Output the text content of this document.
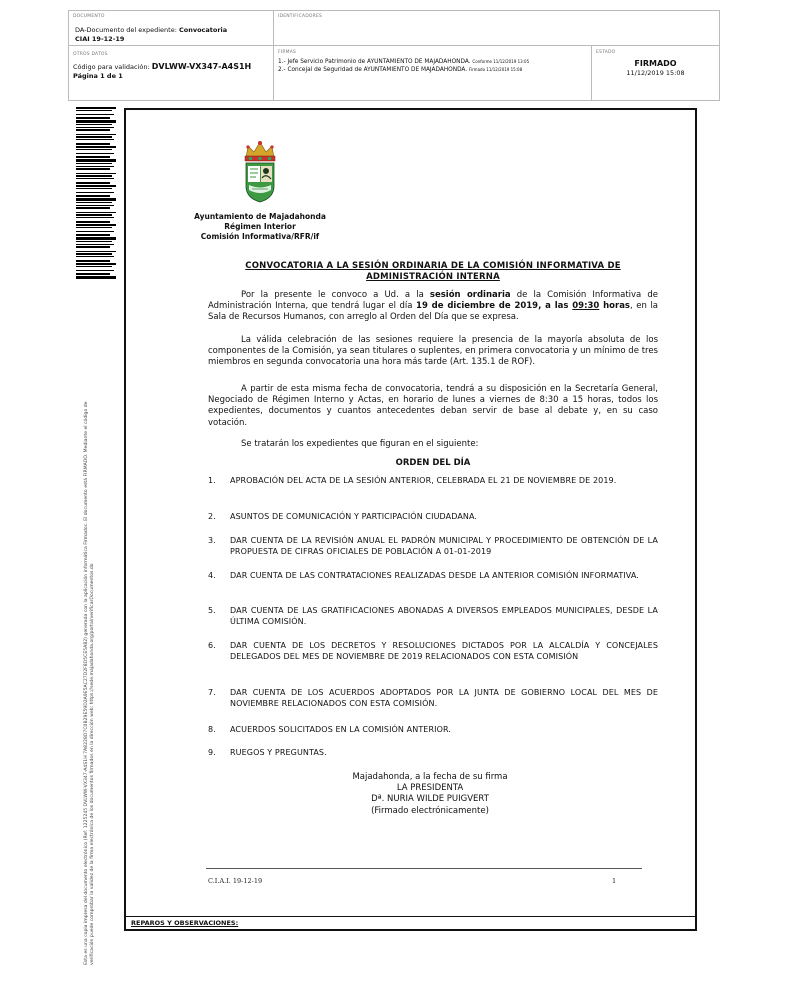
DOCUMENTO
DA-Documento del expediente: Convocatoria
CIAI 19-12-19
IDENTIFICADORES
OTROS DATOS
Código para validación: DVLWW-VX347-A4S1H
Página 1 de 1
FIRMAS
1.- Jefe Servicio Patrimonio de AYUNTAMIENTO DE MAJADAHONDA. Conforme 11/12/2019 13:05
2.- Concejal de Seguridad de AYUNTAMIENTO DE MAJADAHONDA. Firmado 11/12/2019 15:08
ESTADO
FIRMADO
11/12/2019 15:08
Esta es una copia impresa del documento electrónico (Ref: 1225245 DVLWW-VX347-A4S1H 7A8228D7C0B29E59D2A9E5AC27D2F8D5CE5A82) generada con la aplicación informática Firmadoc. El documento está FIRMADO. Mediante el código de verificación puede comprobar la validez de la firma electrónica de los documentos firmados en la dirección web: https://sede.majadahonda.org/portal/verificarDocumentos.do
Ayuntamiento de Majadahonda
Régimen Interior
Comisión Informativa/RFR/if
CONVOCATORIA A LA SESIÓN ORDINARIA DE LA COMISIÓN INFORMATIVA DE
ADMINISTRACIÓN INTERNA
Por la presente le convoco a Ud. a la sesión ordinaria de la Comisión Informativa de Administración Interna, que tendrá lugar el día 19 de diciembre de 2019, a las 09:30 horas, en la Sala de Recursos Humanos, con arreglo al Orden del Día que se expresa.
La válida celebración de las sesiones requiere la presencia de la mayoría absoluta de los componentes de la Comisión, ya sean titulares o suplentes, en primera convocatoria y un mínimo de tres miembros en segunda convocatoria una hora más tarde (Art. 135.1 de ROF).
A partir de esta misma fecha de convocatoria, tendrá a su disposición en la Secretaría General, Negociado de Régimen Interno y Actas, en horario de lunes a viernes de 8:30 a 15 horas, todos los expedientes, documentos y cuantos antecedentes deban servir de base al debate y, en su caso votación.
Se tratarán los expedientes que figuran en el siguiente:
ORDEN DEL DÍA
1. APROBACIÓN DEL ACTA DE LA SESIÓN ANTERIOR, CELEBRADA EL 21 DE NOVIEMBRE DE 2019.
2. ASUNTOS DE COMUNICACIÓN Y PARTICIPACIÓN CIUDADANA.
3. DAR CUENTA DE LA REVISIÓN ANUAL EL PADRÓN MUNICIPAL Y PROCEDIMIENTO DE OBTENCIÓN DE LA PROPUESTA DE CIFRAS OFICIALES DE POBLACIÓN A 01-01-2019
4. DAR CUENTA DE LAS CONTRATACIONES REALIZADAS DESDE LA ANTERIOR COMISIÓN INFORMATIVA.
5. DAR CUENTA DE LAS GRATIFICACIONES ABONADAS A DIVERSOS EMPLEADOS MUNICIPALES, DESDE LA ÚLTIMA COMISIÓN.
6. DAR CUENTA DE LOS DECRETOS Y RESOLUCIONES DICTADOS POR LA ALCALDÍA Y CONCEJALES DELEGADOS DEL MES DE NOVIEMBRE DE 2019 RELACIONADOS CON ESTA COMISIÓN
7. DAR CUENTA DE LOS ACUERDOS ADOPTADOS POR LA JUNTA DE GOBIERNO LOCAL DEL MES DE NOVIEMBRE RELACIONADOS CON ESTA COMISIÓN.
8. ACUERDOS SOLICITADOS EN LA COMISIÓN ANTERIOR.
9. RUEGOS Y PREGUNTAS.
Majadahonda, a la fecha de su firma
LA PRESIDENTA
Dª. NURIA WILDE PUIGVERT
(Firmado electrónicamente)
C.I.A.I. 19-12-19	1
REPAROS Y OBSERVACIONES:
